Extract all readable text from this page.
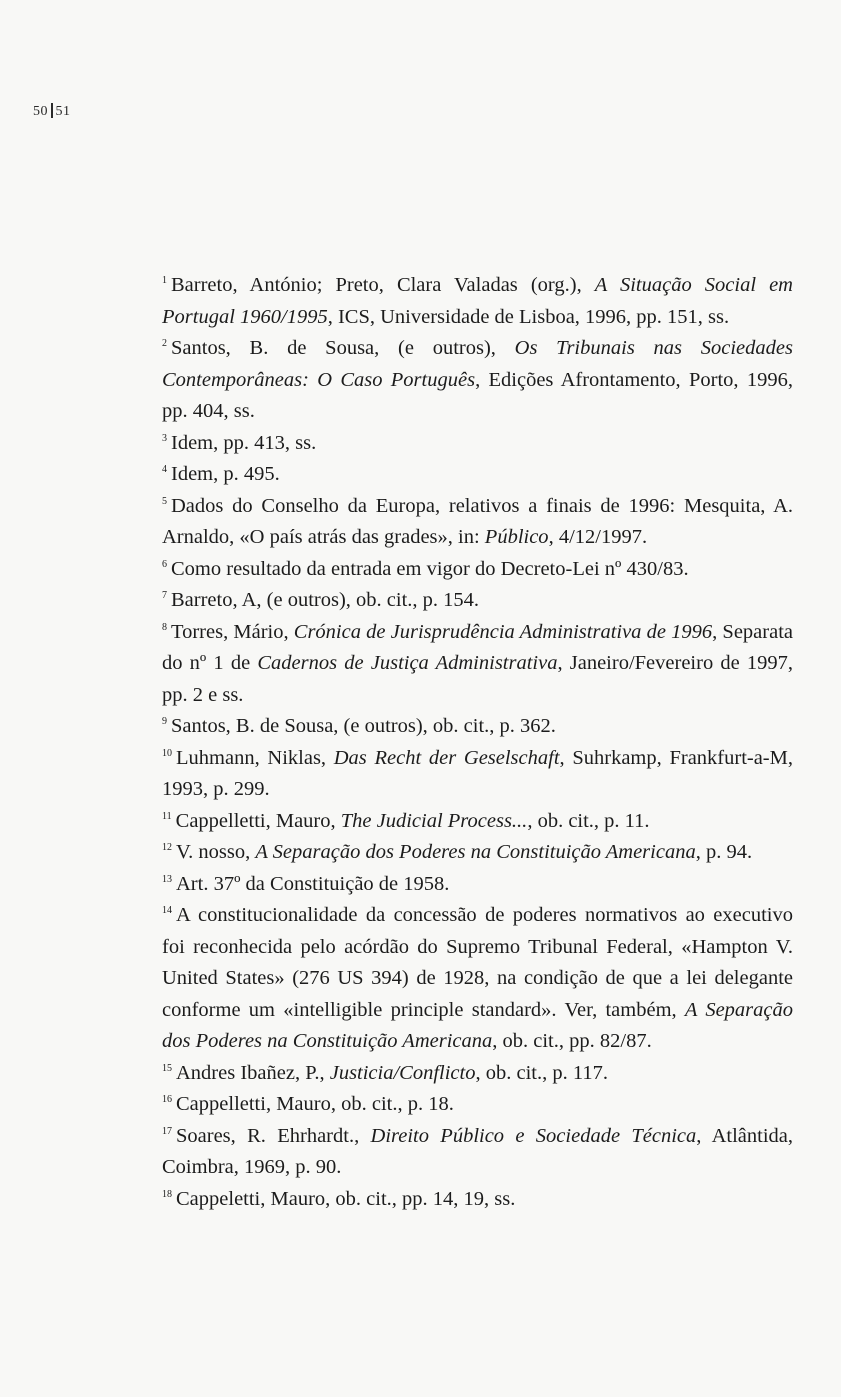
50 51
$^1$ Barreto, António; Preto, Clara Valadas (org.), A Situação Social em Portugal 1960/1995, ICS, Universidade de Lisboa, 1996, pp. 151, ss.
$^2$ Santos, B. de Sousa, (e outros), Os Tribunais nas Sociedades Contemporâneas: O Caso Português, Edições Afrontamento, Porto, 1996, pp. 404, ss.
$^3$ Idem, pp. 413, ss.
$^4$ Idem, p. 495.
$^5$ Dados do Conselho da Europa, relativos a finais de 1996: Mesquita, A. Arnaldo, «O país atrás das grades», in: Público, 4/12/1997.
$^6$ Como resultado da entrada em vigor do Decreto-Lei nº 430/83.
$^7$ Barreto, A, (e outros), ob. cit., p. 154.
$^8$ Torres, Mário, Crónica de Jurisprudência Administrativa de 1996, Separata do nº 1 de Cadernos de Justiça Administrativa, Janeiro/Fevereiro de 1997, pp. 2 e ss.
$^9$ Santos, B. de Sousa, (e outros), ob. cit., p. 362.
$^{10}$ Luhmann, Niklas, Das Recht der Geselschaft, Suhrkamp, Frankfurt-a-M, 1993, p. 299.
$^{11}$ Cappelletti, Mauro, The Judicial Process..., ob. cit., p. 11.
$^{12}$ V. nosso, A Separação dos Poderes na Constituição Americana, p. 94.
$^{13}$ Art. 37º da Constituição de 1958.
$^{14}$ A constitucionalidade da concessão de poderes normativos ao executivo foi reconhecida pelo acórdão do Supremo Tribunal Federal, «Hampton V. United States» (276 US 394) de 1928, na condição de que a lei delegante conforme um «intelligible principle standard». Ver, também, A Separação dos Poderes na Constituição Americana, ob. cit., pp. 82/87.
$^{15}$ Andres Ibañez, P., Justicia/Conflicto, ob. cit., p. 117.
$^{16}$ Cappelletti, Mauro, ob. cit., p. 18.
$^{17}$ Soares, R. Ehrhardt., Direito Público e Sociedade Técnica, Atlântida, Coimbra, 1969, p. 90.
$^{18}$ Cappeletti, Mauro, ob. cit., pp. 14, 19, ss.
